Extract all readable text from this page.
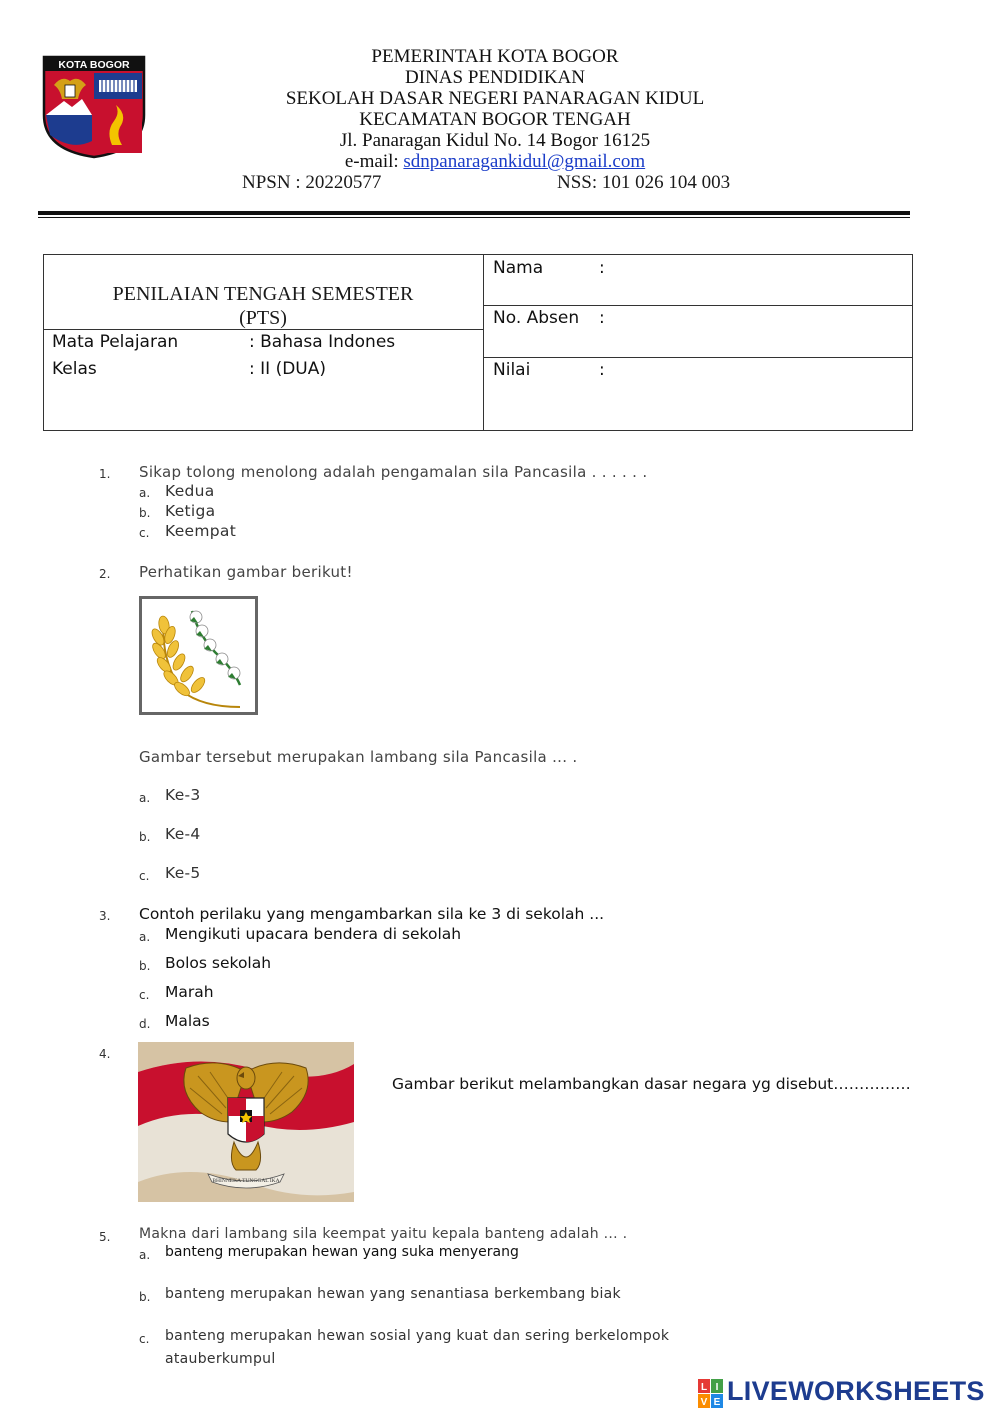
KOTA BOGOR	PEMERINTAH KOTA BOGOR
DINAS PENDIDIKAN
SEKOLAH DASAR NEGERI PANARAGAN KIDUL
KECAMATAN BOGOR TENGAH
Jl. Panaragan Kidul No. 14 Bogor 16125
e-mail: sdnpanaragankidul@gmail.com
NPSN : 20220577	NSS: 101 026 104 003
PENILAIAN TENGAH SEMESTER
(PTS)
Mata Pelajaran	: Bahasa Indones
Kelas	: II (DUA)
Nama	:
No. Absen :
Nilai	:
1. Sikap tolong menolong adalah pengamalan sila Pancasila . . . . . .
a. Kedua
b. Ketiga
c. Keempat
2. Perhatikan gambar berikut!
Gambar tersebut merupakan lambang sila Pancasila ... .
a. Ke-3
b. Ke-4
c. Ke-5
3. Contoh perilaku yang mengambarkan sila ke 3 di sekolah ...
a. Mengikuti upacara bendera di sekolah
b. Bolos sekolah
c. Marah
d. Malas
4.
BHINNEKA TUNGGAL IKA
Gambar berikut melambangkan dasar negara yg disebut……………
5. Makna dari lambang sila keempat yaitu kepala banteng adalah ... .
a. banteng merupakan hewan yang suka menyerang
b. banteng merupakan hewan yang senantiasa berkembang biak
c. banteng merupakan hewan sosial yang kuat dan sering berkelompok
atauberkumpul
L I
V E LIVEWORKSHEETS
